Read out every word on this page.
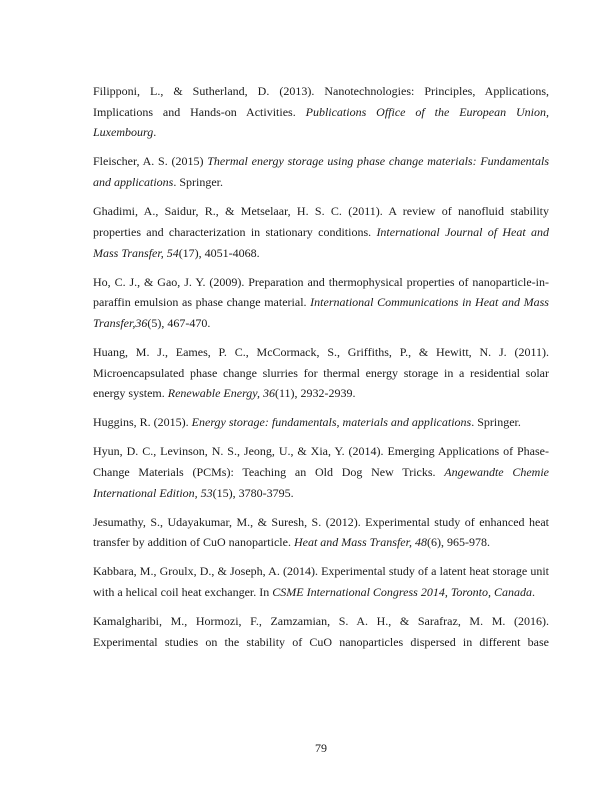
Filipponi, L., & Sutherland, D. (2013). Nanotechnologies: Principles, Applications, Implications and Hands-on Activities. Publications Office of the European Union, Luxembourg.

Fleischer, A. S. (2015) Thermal energy storage using phase change materials: Fundamentals and applications. Springer.

Ghadimi, A., Saidur, R., & Metselaar, H. S. C. (2011). A review of nanofluid stability properties and characterization in stationary conditions. International Journal of Heat and Mass Transfer, 54(17), 4051-4068.

Ho, C. J., & Gao, J. Y. (2009). Preparation and thermophysical properties of nanoparticle-in-paraffin emulsion as phase change material. International Communications in Heat and Mass Transfer,36(5), 467-470.

Huang, M. J., Eames, P. C., McCormack, S., Griffiths, P., & Hewitt, N. J. (2011). Microencapsulated phase change slurries for thermal energy storage in a residential solar energy system. Renewable Energy, 36(11), 2932-2939.

Huggins, R. (2015). Energy storage: fundamentals, materials and applications. Springer.

Hyun, D. C., Levinson, N. S., Jeong, U., & Xia, Y. (2014). Emerging Applications of Phase-Change Materials (PCMs): Teaching an Old Dog New Tricks. Angewandte Chemie International Edition, 53(15), 3780-3795.

Jesumathy, S., Udayakumar, M., & Suresh, S. (2012). Experimental study of enhanced heat transfer by addition of CuO nanoparticle. Heat and Mass Transfer, 48(6), 965-978.

Kabbara, M., Groulx, D., & Joseph, A. (2014). Experimental study of a latent heat storage unit with a helical coil heat exchanger. In CSME International Congress 2014, Toronto, Canada.

Kamalgharibi, M., Hormozi, F., Zamzamian, S. A. H., & Sarafraz, M. M. (2016). Experimental studies on the stability of CuO nanoparticles dispersed in different base

79
